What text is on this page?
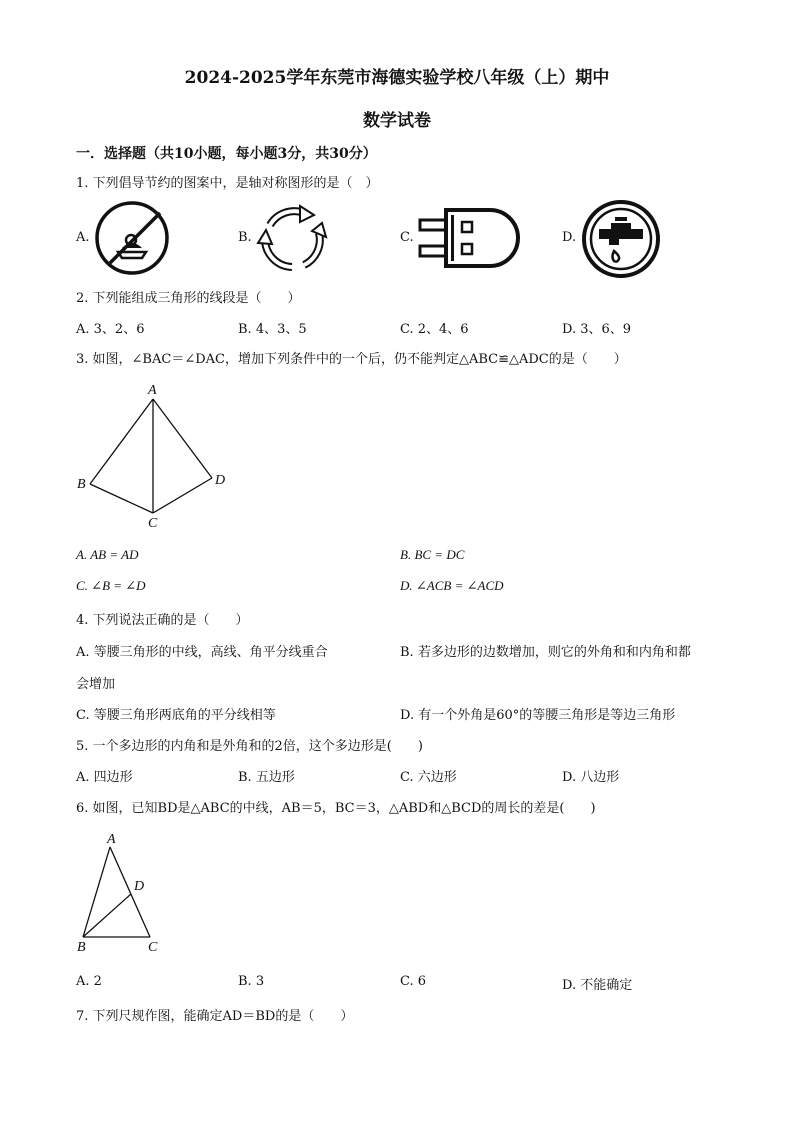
2024-2025学年东莞市海德实验学校八年级（上）期中
数学试卷
一．选择题（共10小题，每小题3分，共30分）
1. 下列倡导节约的图案中，是轴对称图形的是（　）
A.	B.	C.	D.
2. 下列能组成三角形的线段是（　　）
A. 3、2、6	B. 4、3、5	C. 2、4、6	D. 3、6、9
3. 如图，∠BAC＝∠DAC，增加下列条件中的一个后，仍不能判定△ABC≌△ADC的是（　　）
A
B
C
D
A. AB = AD	B. BC = DC
C. ∠B = ∠D	D. ∠ACB = ∠ACD
4. 下列说法正确的是（　　）
A. 等腰三角形的中线，高线、角平分线重合	B. 若多边形的边数增加，则它的外角和和内角和都
会增加
C. 等腰三角形两底角的平分线相等	D. 有一个外角是60°的等腰三角形是等边三角形
5. 一个多边形的内角和是外角和的2倍，这个多边形是(　　)
A. 四边形	B. 五边形	C. 六边形	D. 八边形
6. 如图，已知BD是△ABC的中线，AB＝5，BC＝3，△ABD和△BCD的周长的差是(　　)
A
B	C
D
A. 2	B. 3	C. 6	D. 不能确定
7. 下列尺规作图，能确定AD＝BD的是（　　）
